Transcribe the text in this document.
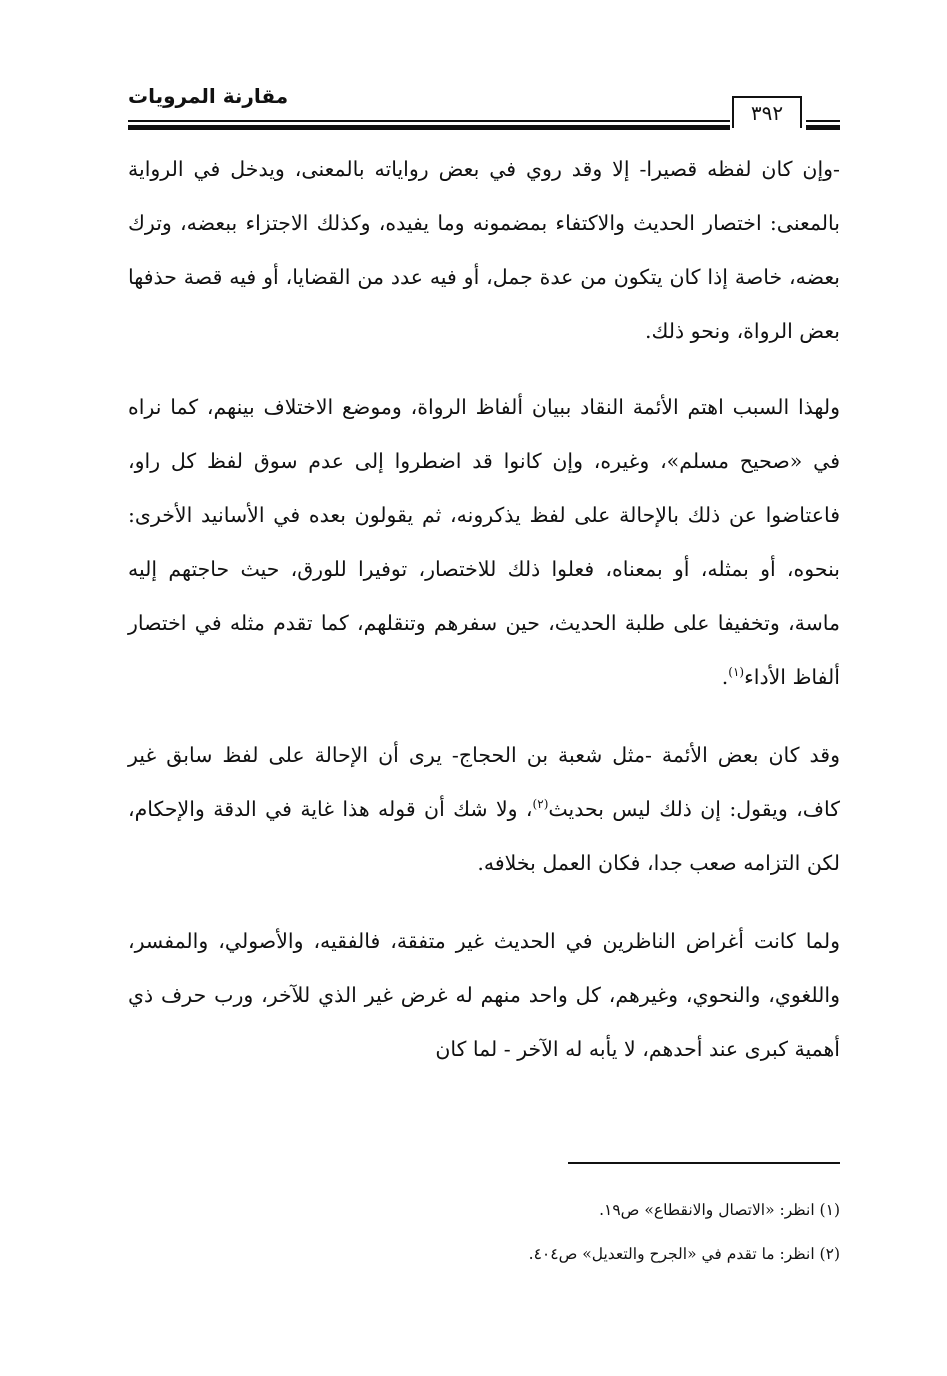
مقارنة المرويات
٣٩٢

-وإن كان لفظه قصيرا- إلا وقد روي في بعض رواياته بالمعنى، ويدخل في الرواية بالمعنى: اختصار الحديث والاكتفاء بمضمونه وما يفيده، وكذلك الاجتزاء ببعضه، وترك بعضه، خاصة إذا كان يتكون من عدة جمل، أو فيه عدد من القضايا، أو فيه قصة حذفها بعض الرواة، ونحو ذلك.

ولهذا السبب اهتم الأئمة النقاد ببيان ألفاظ الرواة، وموضع الاختلاف بينهم، كما نراه في «صحيح مسلم»، وغيره، وإن كانوا قد اضطروا إلى عدم سوق لفظ كل راو، فاعتاضوا عن ذلك بالإحالة على لفظ يذكرونه، ثم يقولون بعده في الأسانيد الأخرى: بنحوه، أو بمثله، أو بمعناه، فعلوا ذلك للاختصار، توفيرا للورق، حيث حاجتهم إليه ماسة، وتخفيفا على طلبة الحديث، حين سفرهم وتنقلهم، كما تقدم مثله في اختصار ألفاظ الأداء$^{(١)}$.

وقد كان بعض الأئمة -مثل شعبة بن الحجاج- يرى أن الإحالة على لفظ سابق غير كاف، ويقول: إن ذلك ليس بحديث$^{(٢)}$، ولا شك أن قوله هذا غاية في الدقة والإحكام، لكن التزامه صعب جدا، فكان العمل بخلافه.

ولما كانت أغراض الناظرين في الحديث غير متفقة، فالفقيه، والأصولي، والمفسر، واللغوي، والنحوي، وغيرهم، كل واحد منهم له غرض غير الذي للآخر، ورب حرف ذي أهمية كبرى عند أحدهم، لا يأبه له الآخر - لما كان

(١) انظر: «الاتصال والانقطاع» ص١٩.

(٢) انظر: ما تقدم في «الجرح والتعديل» ص٤٠٤.
